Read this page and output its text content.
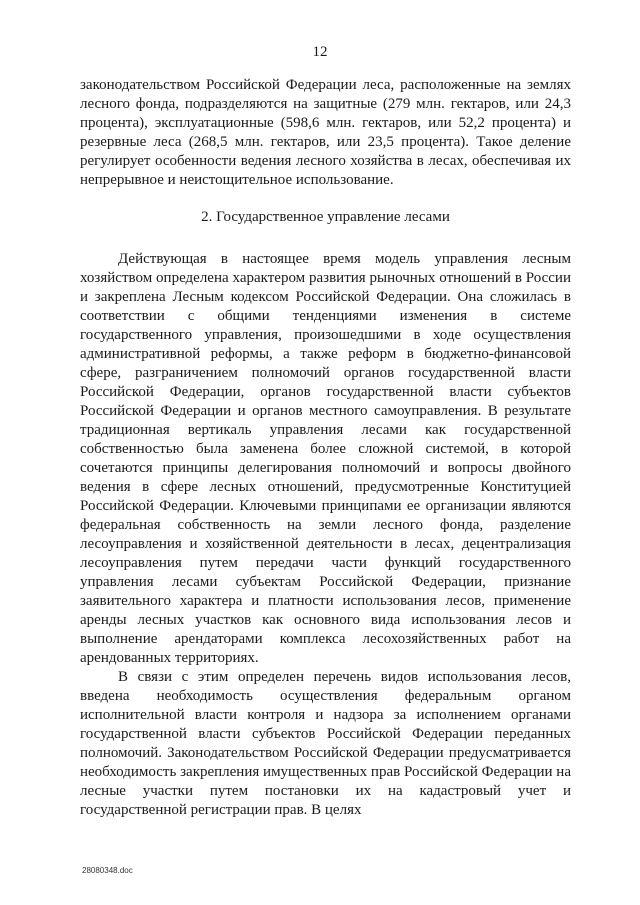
12

законодательством Российской Федерации леса, расположенные на землях лесного фонда, подразделяются на защитные (279 млн. гектаров, или 24,3 процента), эксплуатационные (598,6 млн. гектаров, или 52,2 процента) и резервные леса (268,5 млн. гектаров, или 23,5 процента). Такое деление регулирует особенности ведения лесного хозяйства в лесах, обеспечивая их непрерывное и неистощительное использование.

2. Государственное управление лесами

Действующая в настоящее время модель управления лесным хозяйством определена характером развития рыночных отношений в России и закреплена Лесным кодексом Российской Федерации. Она сложилась в соответствии с общими тенденциями изменения в системе государственного управления, произошедшими в ходе осуществления административной реформы, а также реформ в бюджетно-финансовой сфере, разграничением полномочий органов государственной власти Российской Федерации, органов государственной власти субъектов Российской Федерации и органов местного самоуправления. В результате традиционная вертикаль управления лесами как государственной собственностью была заменена более сложной системой, в которой сочетаются принципы делегирования полномочий и вопросы двойного ведения в сфере лесных отношений, предусмотренные Конституцией Российской Федерации. Ключевыми принципами ее организации являются федеральная собственность на земли лесного фонда, разделение лесоуправления и хозяйственной деятельности в лесах, децентрализация лесоуправления путем передачи части функций государственного управления лесами субъектам Российской Федерации, признание заявительного характера и платности использования лесов, применение аренды лесных участков как основного вида использования лесов и выполнение арендаторами комплекса лесохозяйственных работ на арендованных территориях.

В связи с этим определен перечень видов использования лесов, введена необходимость осуществления федеральным органом исполнительной власти контроля и надзора за исполнением органами государственной власти субъектов Российской Федерации переданных полномочий. Законодательством Российской Федерации предусматривается необходимость закрепления имущественных прав Российской Федерации на лесные участки путем постановки их на кадастровый учет и государственной регистрации прав. В целях

28080348.doc
